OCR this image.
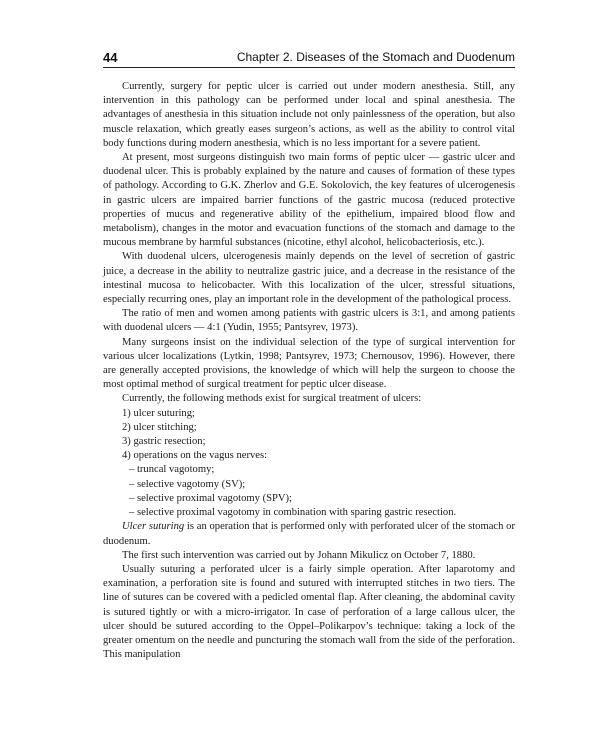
44	Chapter 2. Diseases of the Stomach and Duodenum

Currently, surgery for peptic ulcer is carried out under modern anesthesia. Still, any intervention in this pathology can be performed under local and spinal anesthesia. The advantages of anesthesia in this situation include not only painlessness of the operation, but also muscle relaxation, which greatly eases surgeon’s actions, as well as the ability to control vital body functions during modern anesthesia, which is no less important for a severe patient.

At present, most surgeons distinguish two main forms of peptic ulcer — gastric ulcer and duodenal ulcer. This is probably explained by the nature and causes of formation of these types of pathology. According to G.K. Zherlov and G.E. Sokolovich, the key features of ulcerogenesis in gastric ulcers are impaired barrier functions of the gastric mucosa (reduced protective properties of mucus and regenerative ability of the epithelium, impaired blood flow and metabolism), changes in the motor and evacuation functions of the stomach and damage to the mucous membrane by harmful substances (nicotine, ethyl alcohol, helicobacteriosis, etc.).

With duodenal ulcers, ulcerogenesis mainly depends on the level of secretion of gastric juice, a decrease in the ability to neutralize gastric juice, and a decrease in the resistance of the intestinal mucosa to helicobacter. With this localization of the ulcer, stressful situations, especially recurring ones, play an important role in the development of the pathological process.

The ratio of men and women among patients with gastric ulcers is 3:1, and among patients with duodenal ulcers — 4:1 (Yudin, 1955; Pantsyrev, 1973).

Many surgeons insist on the individual selection of the type of surgical intervention for various ulcer localizations (Lytkin, 1998; Pantsyrev, 1973; Chernousov, 1996). However, there are generally accepted provisions, the knowledge of which will help the surgeon to choose the most optimal method of surgical treatment for peptic ulcer disease.

Currently, the following methods exist for surgical treatment of ulcers:

1) ulcer suturing;
2) ulcer stitching;
3) gastric resection;
4) operations on the vagus nerves:
– truncal vagotomy;
– selective vagotomy (SV);
– selective proximal vagotomy (SPV);
– selective proximal vagotomy in combination with sparing gastric resection.

Ulcer suturing is an operation that is performed only with perforated ulcer of the stomach or duodenum.

The first such intervention was carried out by Johann Mikulicz on October 7, 1880.

Usually suturing a perforated ulcer is a fairly simple operation. After laparotomy and examination, a perforation site is found and sutured with interrupted stitches in two tiers. The line of sutures can be covered with a pedicled omental flap. After cleaning, the abdominal cavity is sutured tightly or with a micro-irrigator. In case of perforation of a large callous ulcer, the ulcer should be sutured according to the Oppel–Polikarpov’s technique: taking a lock of the greater omentum on the needle and puncturing the stomach wall from the side of the perforation. This manipulation
